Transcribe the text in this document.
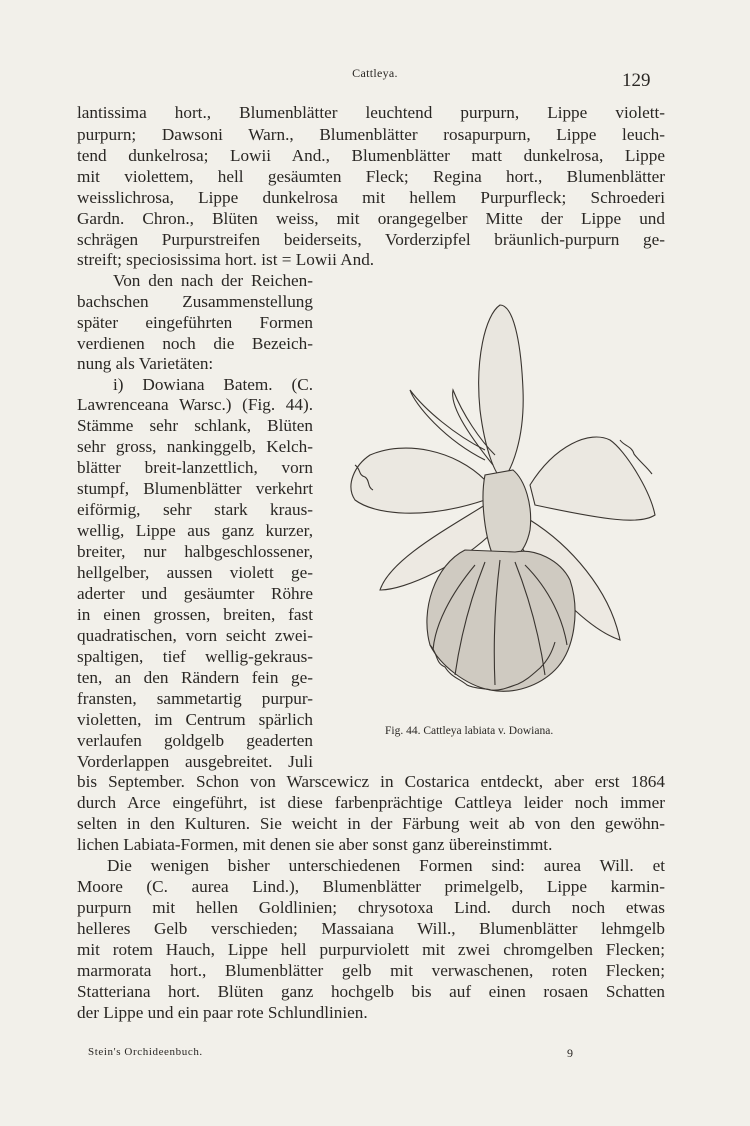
Cattleya.	129
lantissima hort., Blumenblätter leuchtend purpurn, Lippe violett-
purpurn; Dawsoni Warn., Blumenblätter rosapurpurn, Lippe leuch-
tend dunkelrosa; Lowii And., Blumenblätter matt dunkelrosa, Lippe
mit violettem, hell gesäumten Fleck; Regina hort., Blumenblätter
weisslichrosa, Lippe dunkelrosa mit hellem Purpurfleck; Schroederi
Gardn. Chron., Blüten weiss, mit orangegelber Mitte der Lippe und
schrägen Purpurstreifen beiderseits, Vorderzipfel bräunlich-purpurn ge-
streift; speciosissima hort. ist = Lowii And.
Von den nach der Reichen-
bachschen Zusammenstellung
später eingeführten Formen
verdienen noch die Bezeich-
nung als Varietäten:
i) Dowiana Batem. (C.
Lawrenceana Warsc.) (Fig. 44).
Stämme sehr schlank, Blüten
sehr gross, nankinggelb, Kelch-
blätter breit-lanzettlich, vorn
stumpf, Blumenblätter verkehrt
eiförmig, sehr stark kraus-
wellig, Lippe aus ganz kurzer,
breiter, nur halbgeschlossener,
hellgelber, aussen violett ge-
aderter und gesäumter Röhre
in einen grossen, breiten, fast
quadratischen, vorn seicht zwei-
spaltigen, tief wellig-gekraus-
ten, an den Rändern fein ge-
fransten, sammetartig purpur-
violetten, im Centrum spärlich
verlaufen goldgelb geaderten
Vorderlappen ausgebreitet. Juli
bis September. Schon von Warscewicz in Costarica entdeckt, aber erst 1864
durch Arce eingeführt, ist diese farbenprächtige Cattleya leider noch immer
selten in den Kulturen. Sie weicht in der Färbung weit ab von den gewöhn-
lichen Labiata-Formen, mit denen sie aber sonst ganz übereinstimmt.
Die wenigen bisher unterschiedenen Formen sind: aurea Will. et
Moore (C. aurea Lind.), Blumenblätter primelgelb, Lippe karmin-
purpurn mit hellen Goldlinien; chrysotoxa Lind. durch noch etwas
helleres Gelb verschieden; Massaiana Will., Blumenblätter lehmgelb
mit rotem Hauch, Lippe hell purpurviolett mit zwei chromgelben Flecken;
marmorata hort., Blumenblätter gelb mit verwaschenen, roten Flecken;
Statteriana hort. Blüten ganz hochgelb bis auf einen rosaen Schatten
der Lippe und ein paar rote Schlundlinien.
Fig. 44. Cattleya labiata v. Dowiana.
Stein's Orchideenbuch.	9
